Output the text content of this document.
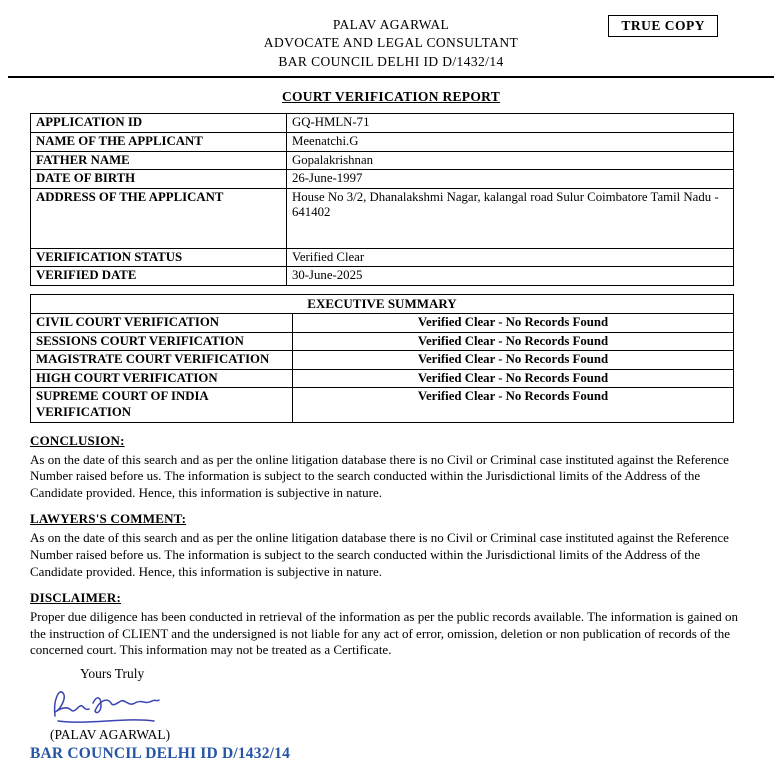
TRUE COPY
PALAV AGARWAL
ADVOCATE AND LEGAL CONSULTANT
BAR COUNCIL DELHI ID D/1432/14
COURT VERIFICATION REPORT
APPLICATION ID	GQ-HMLN-71
NAME OF THE APPLICANT	Meenatchi.G
FATHER NAME	Gopalakrishnan
DATE OF BIRTH	26-June-1997
ADDRESS OF THE APPLICANT	House No 3/2, Dhanalakshmi Nagar, kalangal road Sulur Coimbatore Tamil Nadu - 641402
VERIFICATION STATUS	Verified Clear
VERIFIED DATE	30-June-2025
EXECUTIVE SUMMARY	
CIVIL COURT VERIFICATION	Verified Clear - No Records Found
SESSIONS COURT VERIFICATION	Verified Clear - No Records Found
MAGISTRATE COURT VERIFICATION	Verified Clear - No Records Found
HIGH COURT VERIFICATION	Verified Clear - No Records Found
SUPREME COURT OF INDIA VERIFICATION	Verified Clear - No Records Found
CONCLUSION:
As on the date of this search and as per the online litigation database there is no Civil or Criminal case instituted against the Reference Number raised before us. The information is subject to the search conducted within the Jurisdictional limits of the Address of the Candidate provided. Hence, this information is subjective in nature.
LAWYERS'S COMMENT:
As on the date of this search and as per the online litigation database there is no Civil or Criminal case instituted against the Reference Number raised before us. The information is subject to the search conducted within the Jurisdictional limits of the Address of the Candidate provided. Hence, this information is subjective in nature.
DISCLAIMER:
Proper due diligence has been conducted in retrieval of the information as per the public records available. The information is gained on the instruction of CLIENT and the undersigned is not liable for any act of error, omission, deletion or non publication of records of the concerned court. This information may not be treated as a Certificate.
Yours Truly
(PALAV AGARWAL)
BAR COUNCIL DELHI ID D/1432/14
